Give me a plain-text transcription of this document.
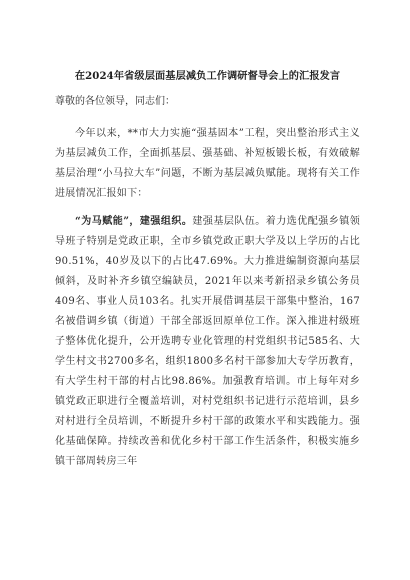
在2024年省级层面基层减负工作调研督导会上的汇报发言

尊敬的各位领导，同志们：

今年以来，**市大力实施“强基固本”工程，突出整治形式主义为基层减负工作，全面抓基层、强基础、补短板锻长板，有效破解基层治理“小马拉大车”问题，不断为基层减负赋能。现将有关工作进展情况汇报如下：

“为马赋能”，建强组织。建强基层队伍。着力选优配强乡镇领导班子特别是党政正职，全市乡镇党政正职大学及以上学历的占比90.51%，40岁及以下的占比47.69%。大力推进编制资源向基层倾斜，及时补齐乡镇空编缺员，2021年以来考新招录乡镇公务员409名、事业人员103名。扎实开展借调基层干部集中整治，167名被借调乡镇（街道）干部全部返回原单位工作。深入推进村级班子整体优化提升，公开选聘专业化管理的村党组织书记585名、大学生村文书2700多名，组织1800多名村干部参加大专学历教育，有大学生村干部的村占比98.86%。加强教育培训。市上每年对乡镇党政正职进行全覆盖培训，对村党组织书记进行示范培训，县乡对村进行全员培训，不断提升乡村干部的政策水平和实践能力。强化基础保障。持续改善和优化乡村干部工作生活条件，积极实施乡镇干部周转房三年
